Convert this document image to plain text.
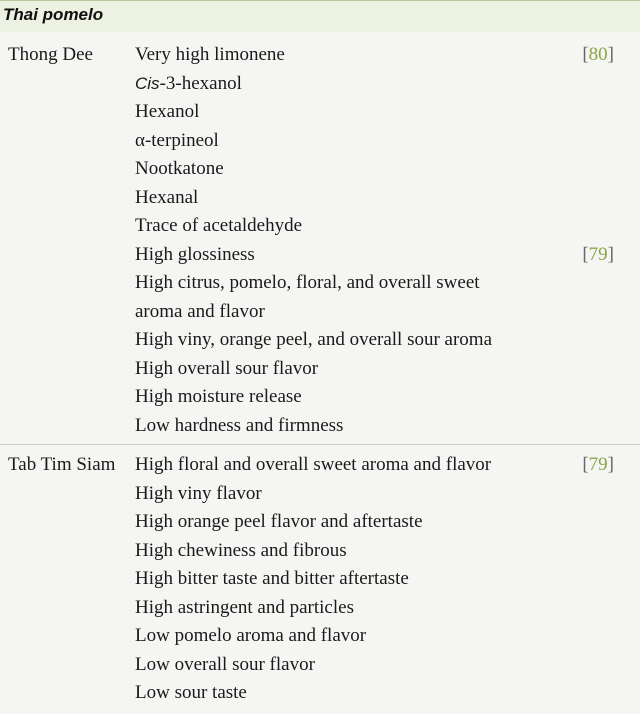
Thai pomelo
Thong Dee Very high limonene
Cis-3-hexanol
Hexanol
α-terpineol
Nootkatone
Hexanal
Trace of acetaldehyde
High glossiness
High citrus, pomelo, floral, and overall sweet
aroma and flavor
High viny, orange peel, and overall sour aroma
High overall sour flavor
High moisture release
Low hardness and firmness
[80]
[79]
Tab Tim Siam High floral and overall sweet aroma and flavor
High viny flavor
High orange peel flavor and aftertaste
High chewiness and fibrous
High bitter taste and bitter aftertaste
High astringent and particles
Low pomelo aroma and flavor
Low overall sour flavor
Low sour taste
[79]
